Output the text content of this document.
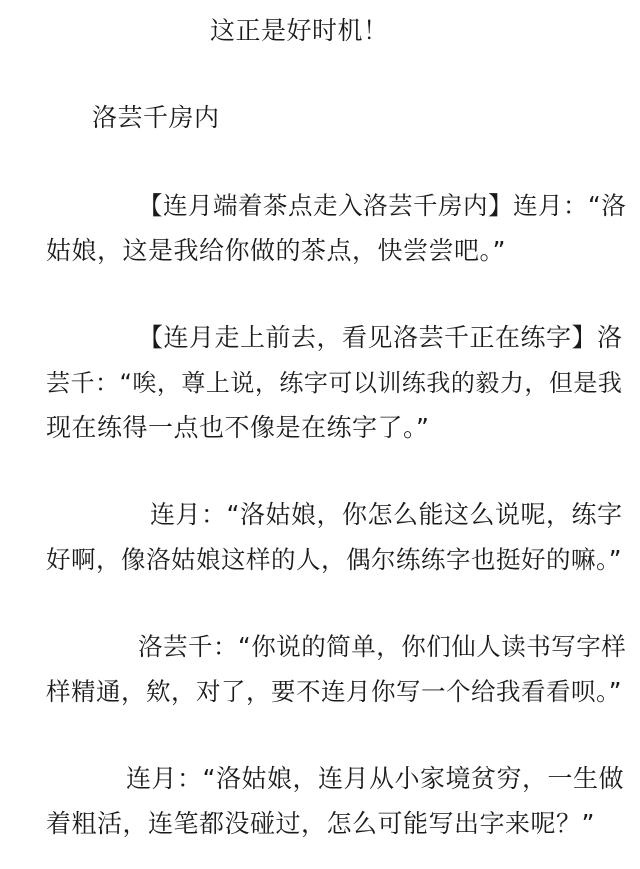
这正是好时机！
洛芸千房内
【连月端着茶点走入洛芸千房内】连月：“洛
姑娘，这是我给你做的茶点，快尝尝吧。”
【连月走上前去，看见洛芸千正在练字】洛
芸千：“唉，尊上说，练字可以训练我的毅力，但是我
现在练得一点也不像是在练字了。”
连月：“洛姑娘，你怎么能这么说呢，练字
好啊，像洛姑娘这样的人，偶尔练练字也挺好的嘛。”
洛芸千：“你说的简单，你们仙人读书写字样
样精通，欸，对了，要不连月你写一个给我看看呗。”
连月：“洛姑娘，连月从小家境贫穷，一生做
着粗活，连笔都没碰过，怎么可能写出字来呢？”
